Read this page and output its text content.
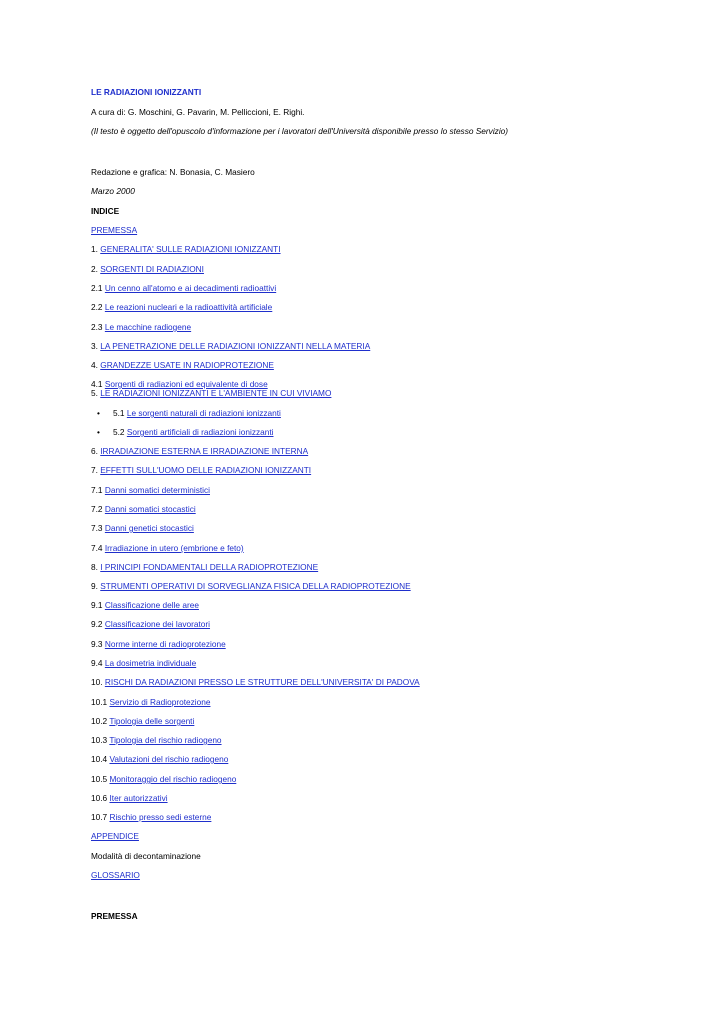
LE RADIAZIONI IONIZZANTI
A cura di: G. Moschini, G. Pavarin, M. Pellicciоni, E. Righi.
(Il testo è oggetto dell'opuscolo d'informazione per i lavoratori dell'Università disponibile presso lo stesso Servizio)
Redazione e grafica: N. Bonasia, C. Masiero
Marzo 2000
INDICE
PREMESSA
1. GENERALITA' SULLE RADIAZIONI IONIZZANTI
2. SORGENTI DI RADIAZIONI
2.1 Un cenno all'atomo e ai decadimenti radioattivi
2.2 Le reazioni nucleari e la radioattività artificiale
2.3 Le macchine radiogene
3. LA PENETRAZIONE DELLE RADIAZIONI IONIZZANTI NELLA MATERIA
4. GRANDEZZE USATE IN RADIOPROTEZIONE
4.1 Sorgenti di radiazioni ed equivalente di dose
5. LE RADIAZIONI IONIZZANTI E L'AMBIENTE IN CUI VIVIAMO
• 5.1 Le sorgenti naturali di radiazioni ionizzanti
• 5.2 Sorgenti artificiali di radiazioni ionizzanti
6. IRRADIAZIONE ESTERNA E IRRADIAZIONE INTERNA
7. EFFETTI SULL'UOMO DELLE RADIAZIONI IONIZZANTI
7.1 Danni somatici deterministici
7.2 Danni somatici stocastici
7.3 Danni genetici stocastici
7.4 Irradiazione in utero (embrione e feto)
8. I PRINCIPI FONDAMENTALI DELLA RADIOPROTEZIONE
9. STRUMENTI OPERATIVI DI SORVEGLIANZA FISICA DELLA RADIOPROTEZIONE
9.1 Classificazione delle aree
9.2 Classificazione dei lavoratori
9.3 Norme interne di radioprotezione
9.4 La dosimetria individuale
10. RISCHI DA RADIAZIONI PRESSO LE STRUTTURE DELL'UNIVERSITA' DI PADOVA
10.1 Servizio di Radioprotezione
10.2 Tipologia delle sorgenti
10.3 Tipologia del rischio radiogeno
10.4 Valutazioni del rischio radiogeno
10.5 Monitoraggio del rischio radiogeno
10.6 Iter autorizzativi
10.7 Rischio presso sedi esterne
APPENDICE
Modalità di decontaminazione
GLOSSARIO
PREMESSA
